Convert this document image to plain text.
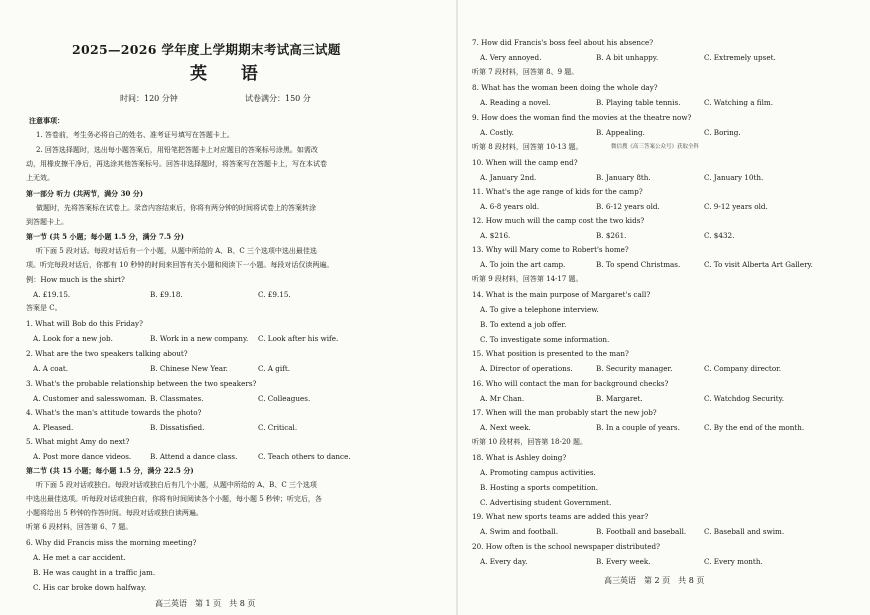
2025—2026 学年度上学期期末考试高三试题
英 语
时间：120 分钟	试卷满分：150 分
注意事项：
1. 答卷前，考生务必将自己的姓名、准考证号填写在答题卡上。
2. 回答选择题时，选出每小题答案后，用铅笔把答题卡上对应题目的答案标号涂黑。如需改
动，用橡皮擦干净后，再选涂其他答案标号。回答非选择题时，将答案写在答题卡上，写在本试卷
上无效。
第一部分 听力 (共两节，满分 30 分)
做题时，先将答案标在试卷上。录音内容结束后，你将有两分钟的时间将试卷上的答案转涂
到答题卡上。
第一节 (共 5 小题；每小题 1.5 分，满分 7.5 分)
听下面 5 段对话。每段对话后有一个小题，从题中所给的 A、B、C 三个选项中选出最佳选
项。听完每段对话后，你都有 10 秒钟的时间来回答有关小题和阅读下一小题。每段对话仅读两遍。
例：How much is the shirt?
A. £19.15.	B. £9.18.	C. £9.15.
答案是 C。
1. What will Bob do this Friday?
A. Look for a new job.	B. Work in a new company. C. Look after his wife.
2. What are the two speakers talking about?
A. A coat.	B. Chinese New Year.	C. A gift.
3. What's the probable relationship between the two speakers?
A. Customer and salesswoman. B. Classmates.	C. Colleagues.
4. What's the man's attitude towards the photo?
A. Pleased.	B. Dissatisfied.	C. Critical.
5. What might Amy do next?
A. Post more dance videos.	B. Attend a dance class.	C. Teach others to dance.
第二节 (共 15 小题；每小题 1.5 分，满分 22.5 分)
听下面 5 段对话或独白。每段对话或独白后有几个小题，从题中所给的 A、B、C 三个选项
中选出最佳选项。听每段对话或独白前，你将有时间阅读各个小题，每小题 5 秒钟；听完后，各
小题将给出 5 秒钟的作答时间。每段对话或独白读两遍。
听第 6 段材料，回答第 6、7 题。
6. Why did Francis miss the morning meeting?
A. He met a car accident.
B. He was caught in a traffic jam.
C. His car broke down halfway.
高三英语　第 1 页　共 8 页
7. How did Francis's boss feel about his absence?
A. Very annoyed.	B. A bit unhappy.	C. Extremely upset.
听第 7 段材料，回答第 8、9 题。
8. What has the woman been doing the whole day?
A. Reading a novel.	B. Playing table tennis.	C. Watching a film.
9. How does the woman find the movies at the theatre now?
A. Costly.	B. Appealing.	C. Boring.
听第 8 段材料，回答第 10-13 题。	微信搜《高三答案公众号》获取全科
10. When will the camp end?
A. January 2nd.	B. January 8th.	C. January 10th.
11. What's the age range of kids for the camp?
A. 6-8 years old.	B. 6-12 years old.	C. 9-12 years old.
12. How much will the camp cost the two kids?
A. $216.	B. $261.	C. $432.
13. Why will Mary come to Robert's home?
A. To join the art camp.	B. To spend Christmas.	C. To visit Alberta Art Gallery.
听第 9 段材料，回答第 14-17 题。
14. What is the main purpose of Margaret's call?
A. To give a telephone interview.
B. To extend a job offer.
C. To investigate some information.
15. What position is presented to the man?
A. Director of operations.	B. Security manager.	C. Company director.
16. Who will contact the man for background checks?
A. Mr Chan.	B. Margaret.	C. Watchdog Security.
17. When will the man probably start the new job?
A. Next week.	B. In a couple of years.	C. By the end of the month.
听第 10 段材料，回答第 18-20 题。
18. What is Ashley doing?
A. Promoting campus activities.
B. Hosting a sports competition.
C. Advertising student Government.
19. What new sports teams are added this year?
A. Swim and football.	B. Football and baseball. C. Baseball and swim.
20. How often is the school newspaper distributed?
A. Every day.	B. Every week.	C. Every month.
高三英语　第 2 页　共 8 页
